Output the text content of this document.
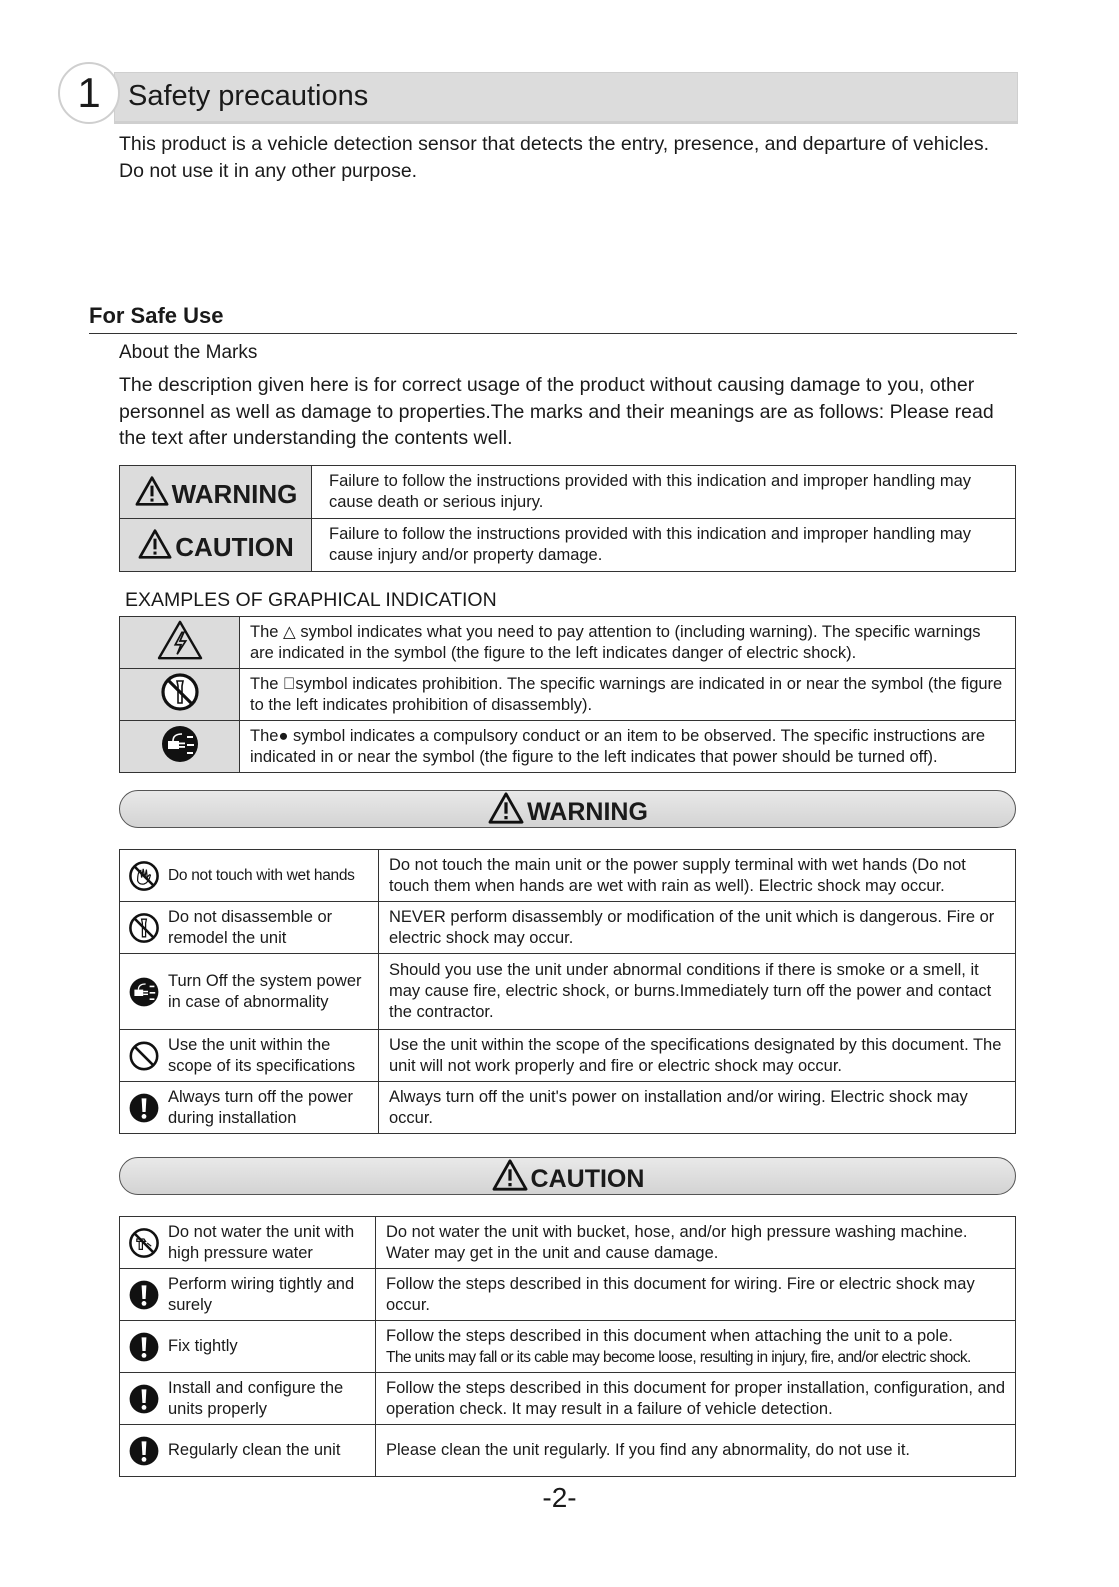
1 Safety precautions

This product is a vehicle detection sensor that detects the entry, presence, and departure of vehicles. Do not use it in any other purpose.

For Safe Use
About the Marks

The description given here is for correct usage of the product without causing damage to you, other personnel as well as damage to properties.The marks and their meanings are as follows: Please read the text after understanding the contents well.

WARNING	Failure to follow the instructions provided with this indication and improper handling may cause death or serious injury.
CAUTION	Failure to follow the instructions provided with this indication and improper handling may cause injury and/or property damage.
EXAMPLES OF GRAPHICAL INDICATION
	The △ symbol indicates what you need to pay attention to (including warning). The specific warnings are indicated in the symbol (the figure to the left indicates danger of electric shock).
	The symbol indicates prohibition. The specific warnings are indicated in or near the symbol (the figure to the left indicates prohibition of disassembly).
	The● symbol indicates a compulsory conduct or an item to be observed. The specific instructions are indicated in or near the symbol (the figure to the left indicates that power should be turned off).
WARNING
Do not touch with wet hands	Do not touch the main unit or the power supply terminal with wet hands (Do not touch them when hands are wet with rain as well). Electric shock may occur.

Do not disassemble or remodel the unit	NEVER perform disassembly or modification of the unit which is dangerous. Fire or electric shock may occur.

Turn Off the system power in case of abnormality	Should you use the unit under abnormal conditions if there is smoke or a smell, it may cause fire, electric shock, or burns.Immediately turn off the power and contact the contractor.

Use the unit within the scope of its specifications	Use the unit within the scope of the specifications designated by this document. The unit will not work properly and fire or electric shock may occur.

Always turn off the power during installation	Always turn off the unit's power on installation and/or wiring. Electric shock may occur.
CAUTION
Do not water the unit with high pressure water	Do not water the unit with bucket, hose, and/or high pressure washing machine. Water may get in the unit and cause damage.

Perform wiring tightly and surely	Follow the steps described in this document for wiring. Fire or electric shock may occur.

Fix tightly	Follow the steps described in this document when attaching the unit to a pole.
The units may fall or its cable may become loose, resulting in injury, fire, and/or electric shock.

Install and configure the units properly	Follow the steps described in this document for proper installation, configuration, and operation check. It may result in a failure of vehicle detection.

Regularly clean the unit	Please clean the unit regularly. If you find any abnormality, do not use it.
-2-
